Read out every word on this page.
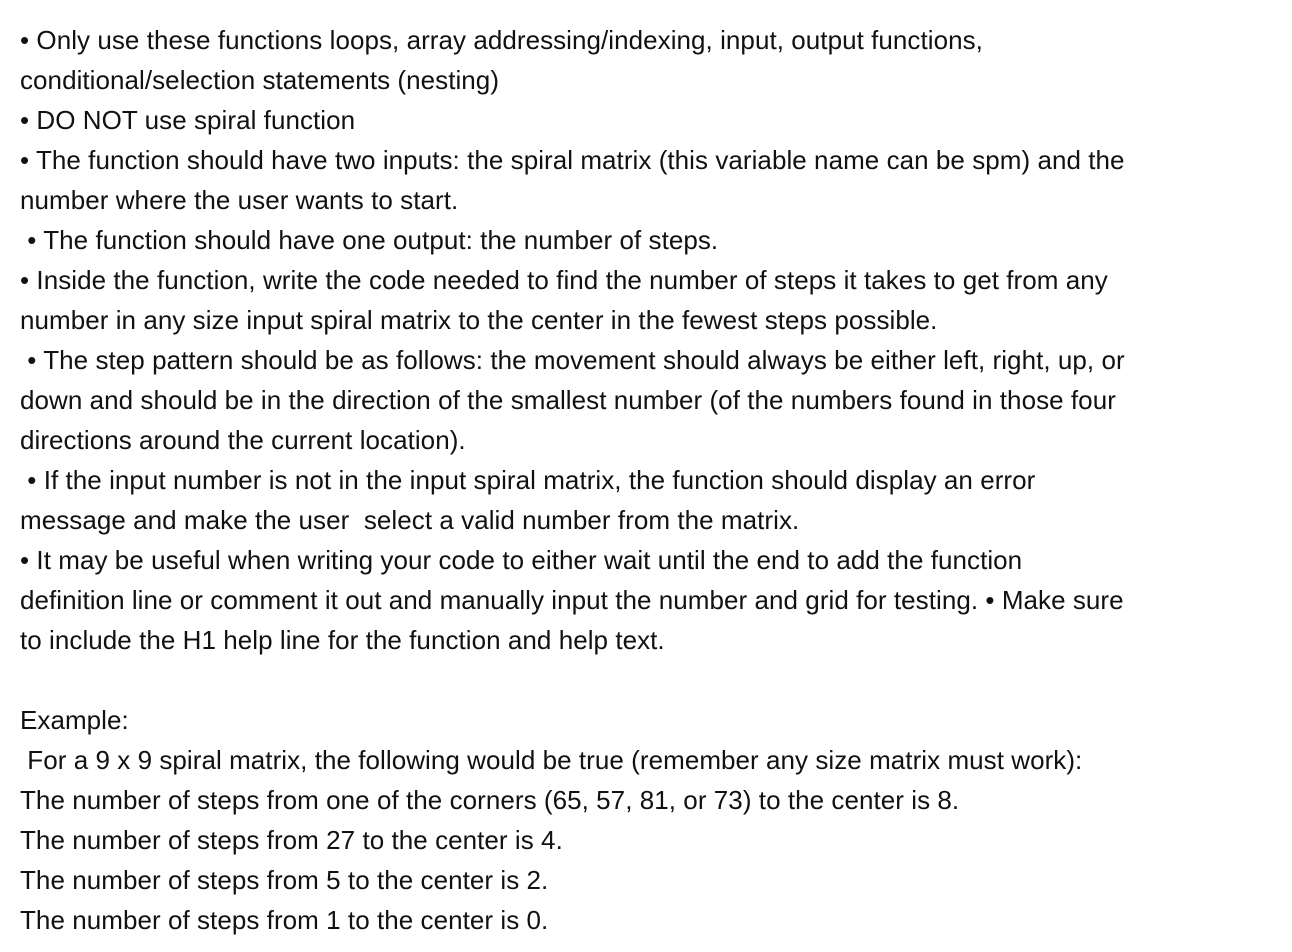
• Only use these functions loops, array addressing/indexing, input, output functions,
conditional/selection statements (nesting)
• DO NOT use spiral function
• The function should have two inputs: the spiral matrix (this variable name can be spm) and the
number where the user wants to start.
• The function should have one output: the number of steps.
• Inside the function, write the code needed to find the number of steps it takes to get from any
number in any size input spiral matrix to the center in the fewest steps possible.
• The step pattern should be as follows: the movement should always be either left, right, up, or
down and should be in the direction of the smallest number (of the numbers found in those four
directions around the current location).
• If the input number is not in the input spiral matrix, the function should display an error
message and make the user  select a valid number from the matrix.
• It may be useful when writing your code to either wait until the end to add the function
definition line or comment it out and manually input the number and grid for testing. • Make sure
to include the H1 help line for the function and help text.
Example:
For a 9 x 9 spiral matrix, the following would be true (remember any size matrix must work):
The number of steps from one of the corners (65, 57, 81, or 73) to the center is 8.
The number of steps from 27 to the center is 4.
The number of steps from 5 to the center is 2.
The number of steps from 1 to the center is 0.
